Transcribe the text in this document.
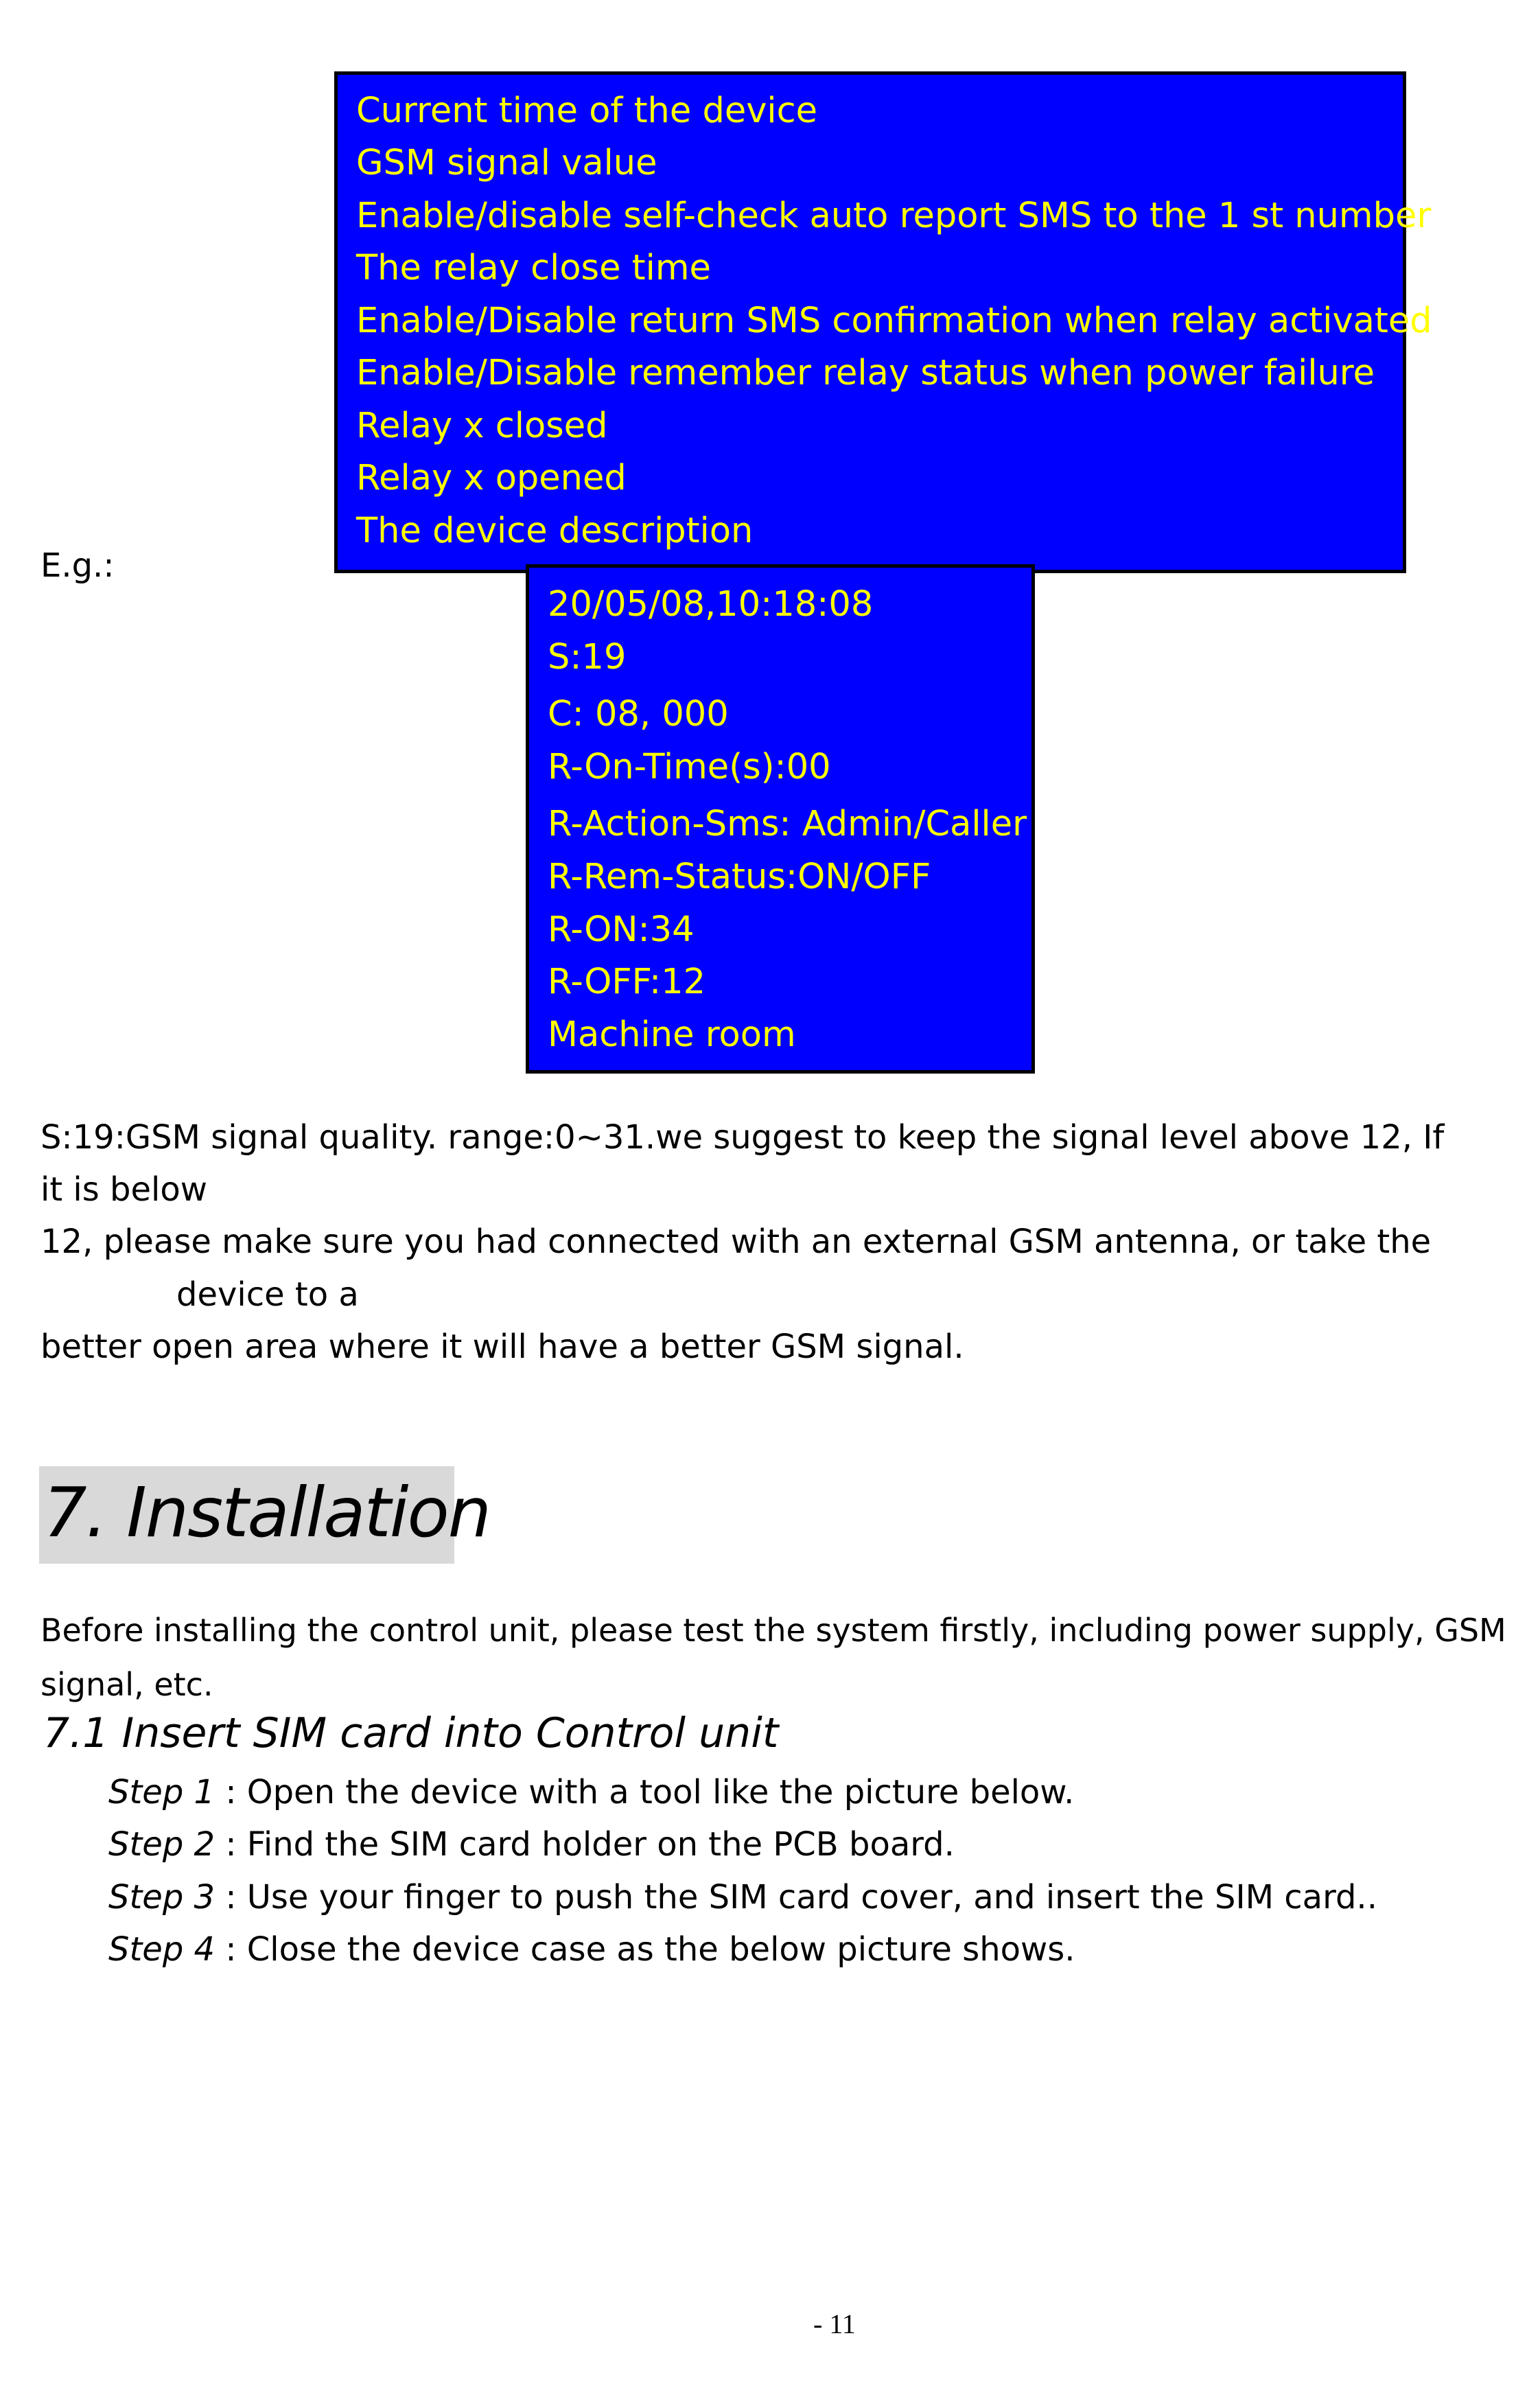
Current time of the device
GSM signal value
Enable/disable self-check auto report SMS to the 1 st number
The relay close time
Enable/Disable return SMS confirmation when relay activated
Enable/Disable remember relay status when power failure
Relay x closed
Relay x opened
The device description
E.g.:
20/05/08,10:18:08
S:19
C: 08, 000
R-On-Time(s):00
R-Action-Sms: Admin/Caller
R-Rem-Status:ON/OFF
R-ON:34
R-OFF:12
Machine room
S:19:GSM signal quality. range:0~31.we suggest to keep the signal level above 12, If
it is below
12, please make sure you had connected with an external GSM antenna, or take the
device to a
better open area where it will have a better GSM signal.
7. Installation
Before installing the control unit, please test the system firstly, including power supply, GSM
signal, etc.
7.1 Insert SIM card into Control unit
Step 1 : Open the device with a tool like the picture below.
Step 2 : Find the SIM card holder on the PCB board.
Step 3 : Use your finger to push the SIM card cover, and insert the SIM card..
Step 4 : Close the device case as the below picture shows.
- 11
